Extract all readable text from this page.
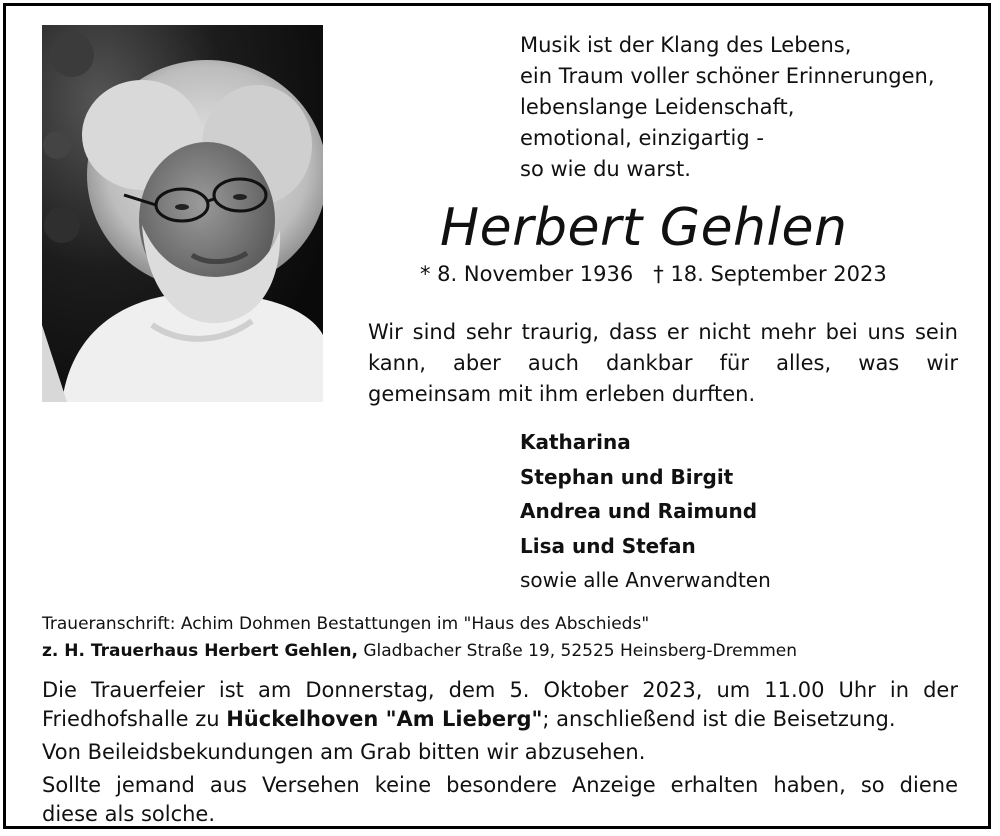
Musik ist der Klang des Lebens,
ein Traum voller schöner Erinnerungen,
lebenslange Leidenschaft,
emotional, einzigartig -
so wie du warst.
Herbert Gehlen
* 8. November 1936 † 18. September 2023
Wir sind sehr traurig, dass er nicht mehr bei uns sein
kann, aber auch dankbar für alles, was wir
gemeinsam mit ihm erleben durften.
Katharina
Stephan und Birgit
Andrea und Raimund
Lisa und Stefan
sowie alle Anverwandten
Traueranschrift: Achim Dohmen Bestattungen im "Haus des Abschieds"
z. H. Trauerhaus Herbert Gehlen, Gladbacher Straße 19, 52525 Heinsberg-Dremmen
Die Trauerfeier ist am Donnerstag, dem 5. Oktober 2023, um 11.00 Uhr in der
Friedhofshalle zu Hückelhoven "Am Lieberg"; anschließend ist die Beisetzung.
Von Beileidsbekundungen am Grab bitten wir abzusehen.
Sollte jemand aus Versehen keine besondere Anzeige erhalten haben, so diene
diese als solche.
